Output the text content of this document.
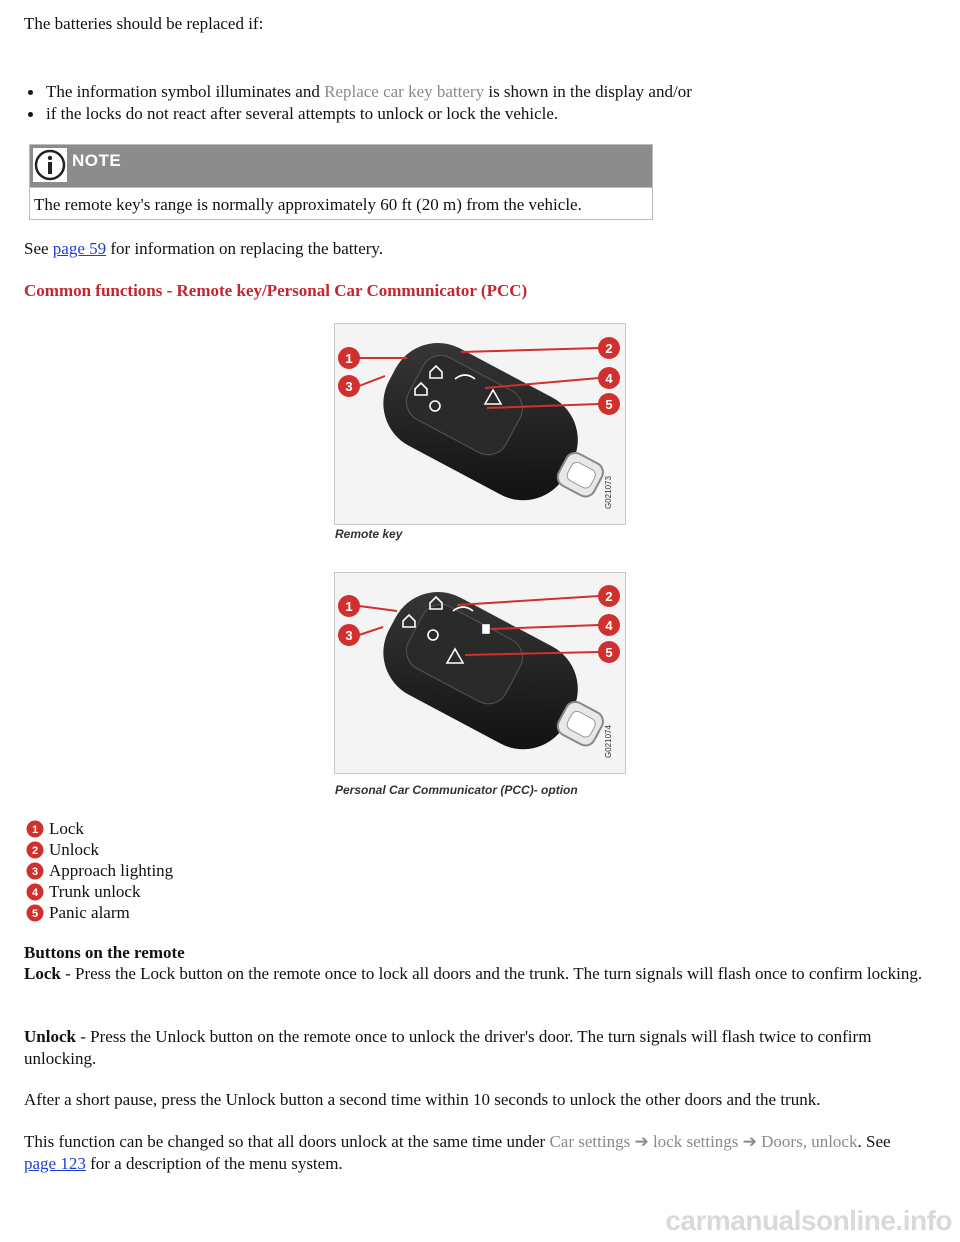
The batteries should be replaced if:

The information symbol illuminates and Replace car key battery is shown in the display and/or
if the locks do not react after several attempts to unlock or lock the vehicle.
NOTE

The remote key's range is normally approximately 60 ft (20 m) from the vehicle.

See page 59 for information on replacing the battery.

Common functions - Remote key/Personal Car Communicator (PCC)

1
2
3
4
5
G021073
Remote key
1
2
3
4
5
G021074
Personal Car Communicator (PCC)- option
1 Lock
2 Unlock
3 Approach lighting
4 Trunk unlock
5 Panic alarm

Buttons on the remote

Lock - Press the Lock button on the remote once to lock all doors and the trunk. The turn signals will flash once to confirm locking.

Unlock - Press the Unlock button on the remote once to unlock the driver's door. The turn signals will flash twice to confirm unlocking.

After a short pause, press the Unlock button a second time within 10 seconds to unlock the other doors and the trunk.

This function can be changed so that all doors unlock at the same time under Car settings ➔ lock settings ➔ Doors, unlock. See page 123 for a description of the menu system.

carmanualsonline.info
